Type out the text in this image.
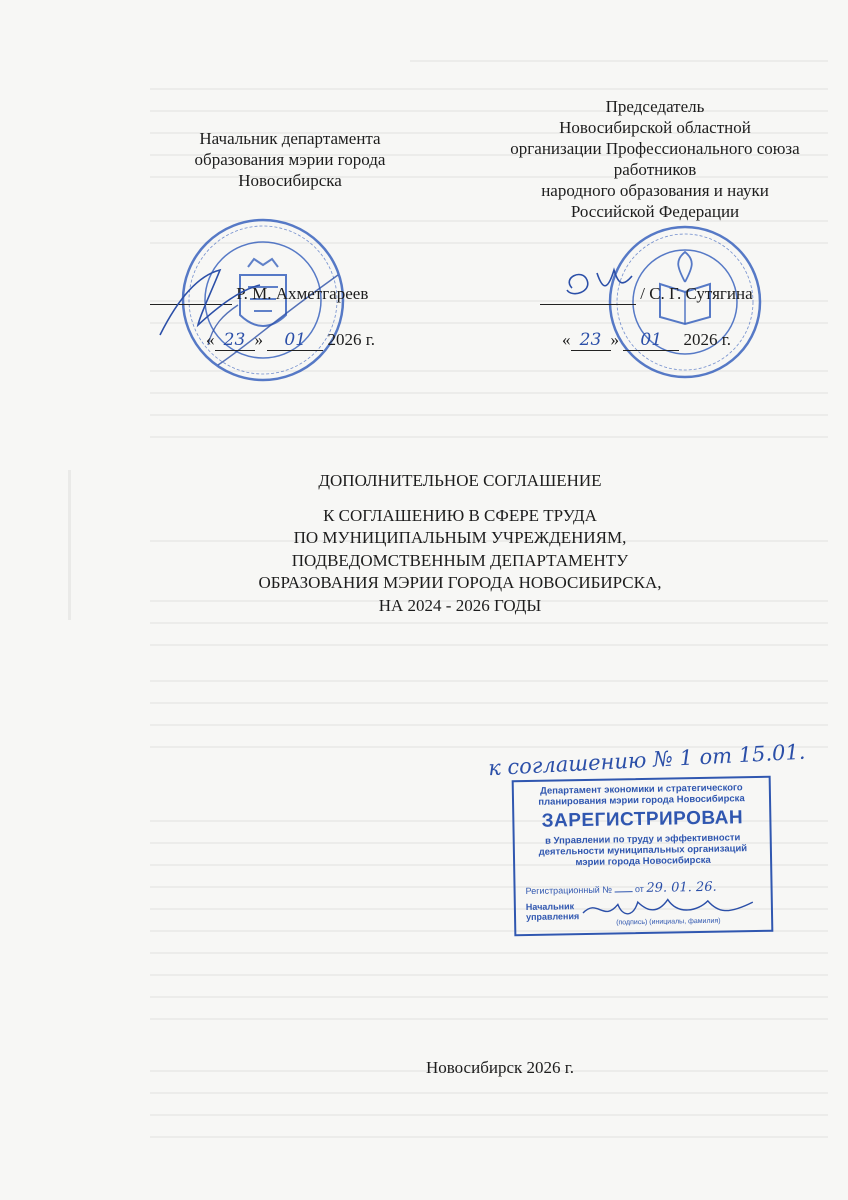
Начальник департамента
образования мэрии города
Новосибирска
Р. М. Ахметгареев
« 23 » 01 2026 г.
Председатель
Новосибирской областной
организации Профессионального союза
работников
народного образования и науки
Российской Федерации
/ С. Г. Сутягина
« 23 » 01 2026 г.
ДОПОЛНИТЕЛЬНОЕ СОГЛАШЕНИЕ
К СОГЛАШЕНИЮ В СФЕРЕ ТРУДА
ПО МУНИЦИПАЛЬНЫМ УЧРЕЖДЕНИЯМ,
ПОДВЕДОМСТВЕННЫМ ДЕПАРТАМЕНТУ
ОБРАЗОВАНИЯ МЭРИИ ГОРОДА НОВОСИБИРСКА,
НА 2024 - 2026 ГОДЫ
к соглашению № 1 от 15.01.
Департамент экономики и стратегического планирования мэрии города Новосибирска
ЗАРЕГИСТРИРОВАН
в Управлении по труду и эффективности деятельности муниципальных организаций мэрии города Новосибирска
Регистрационный №	от 29. 01. 26.
Начальник управления
(подпись) (инициалы, фамилия)
Новосибирск 2026 г.
